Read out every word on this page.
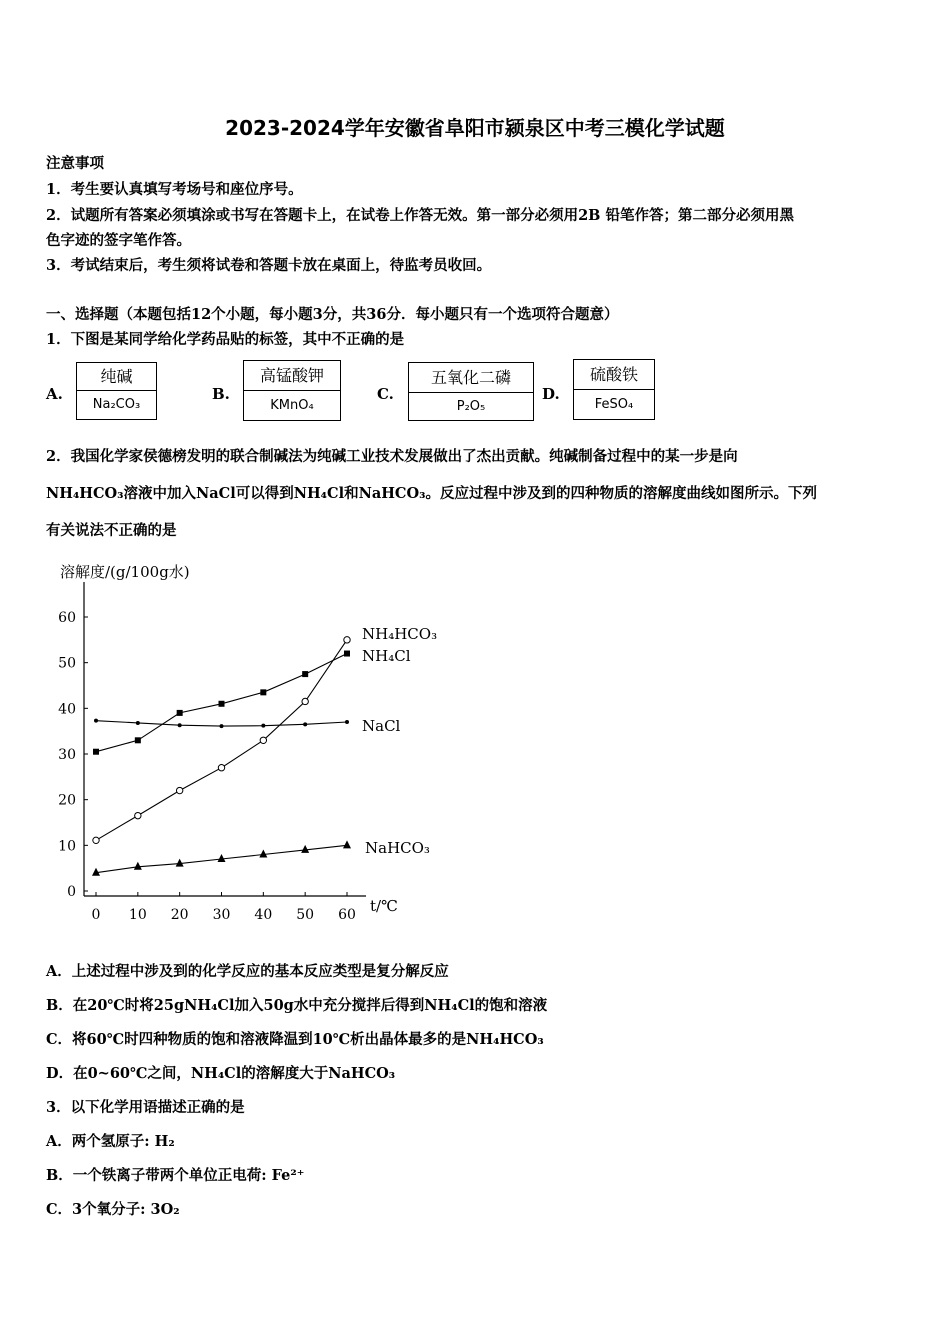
2023-2024学年安徽省阜阳市颍泉区中考三模化学试题
注意事项
1．考生要认真填写考场号和座位序号。
2．试题所有答案必须填涂或书写在答题卡上，在试卷上作答无效。第一部分必须用2B 铅笔作答；第二部分必须用黑
色字迹的签字笔作答。
3．考试结束后，考生须将试卷和答题卡放在桌面上，待监考员收回。
一、选择题（本题包括12个小题，每小题3分，共36分．每小题只有一个选项符合题意）
1．下图是某同学给化学药品贴的标签，其中不正确的是
A.
纯碱
Na₂CO₃
B.
高锰酸钾
KMnO₄
C.
五氧化二磷
P₂O₅
D.
硫酸铁
FeSO₄
2．我国化学家侯德榜发明的联合制碱法为纯碱工业技术发展做出了杰出贡献。纯碱制备过程中的某一步是向
NH₄HCO₃溶液中加入NaCl可以得到NH₄Cl和NaHCO₃。反应过程中涉及到的四种物质的溶解度曲线如图所示。下列
有关说法不正确的是
溶解度/(g/100g水)
t/℃
0
10
20
30
40
50
60
0 10 20 30 40 50 60
NH₄HCO₃
NH₄Cl
NaCl
NaHCO₃
A．上述过程中涉及到的化学反应的基本反应类型是复分解反应
B．在20℃时将25gNH₄Cl加入50g水中充分搅拌后得到NH₄Cl的饱和溶液
C．将60℃时四种物质的饱和溶液降温到10℃析出晶体最多的是NH₄HCO₃
D．在0~60℃之间，NH₄Cl的溶解度大于NaHCO₃
3．以下化学用语描述正确的是
A．两个氢原子: H₂
B．一个铁离子带两个单位正电荷: Fe²⁺
C．3个氧分子: 3O₂
